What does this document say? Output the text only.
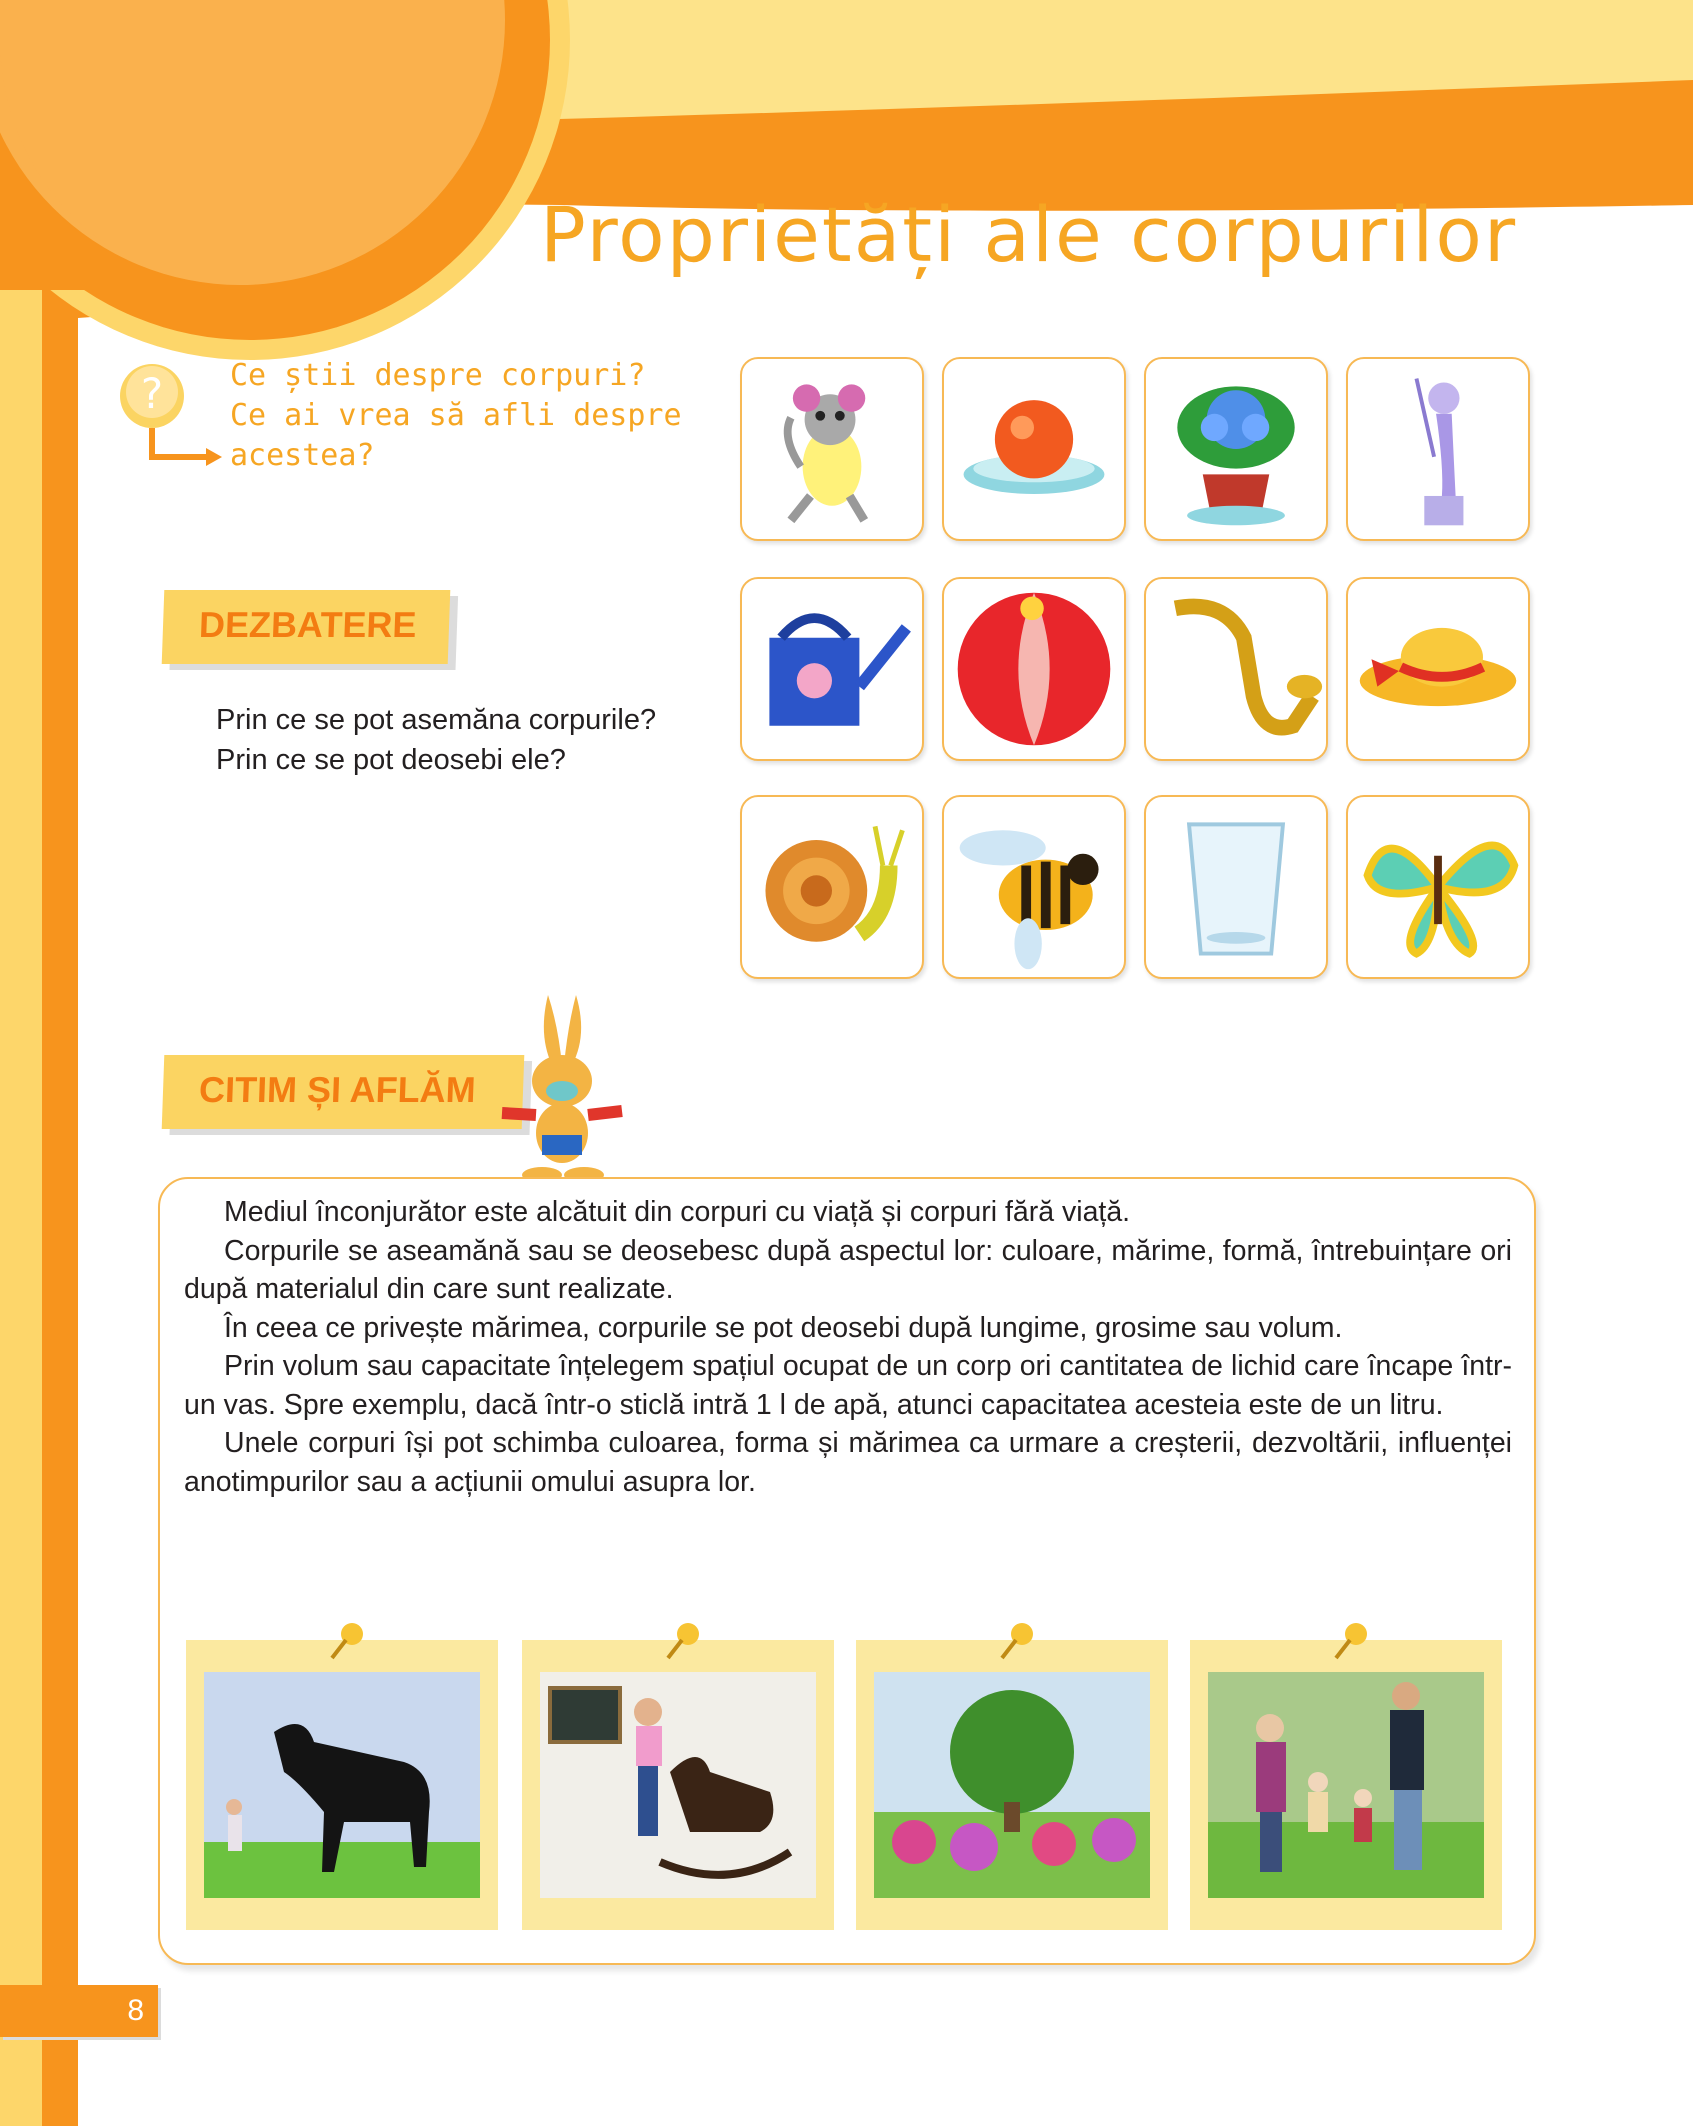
Proprietăți ale corpurilor
? Ce știi despre corpuri?
Ce ai vrea să afli despre
acestea?
DEZBATERE
Prin ce se pot asemăna corpurile?
Prin ce se pot deosebi ele?
CITIM ȘI AFLĂM

Mediul înconjurător este alcătuit din corpuri cu viață și corpuri fără viață.

Corpurile se aseamănă sau se deosebesc după aspectul lor: culoare, mărime, formă, întrebuințare ori după materialul din care sunt realizate.

În ceea ce privește mărimea, corpurile se pot deosebi după lungime, grosime sau volum.

Prin volum sau capacitate înțelegem spațiul ocupat de un corp ori cantitatea de lichid care încape într-un vas. Spre exemplu, dacă într-o sticlă intră 1 l de apă, atunci capacitatea acesteia este de un litru.

Unele corpuri își pot schimba culoarea, forma și mărimea ca urmare a creșterii, dezvoltării, influenței anotimpurilor sau a acțiunii omului asupra lor.

8
